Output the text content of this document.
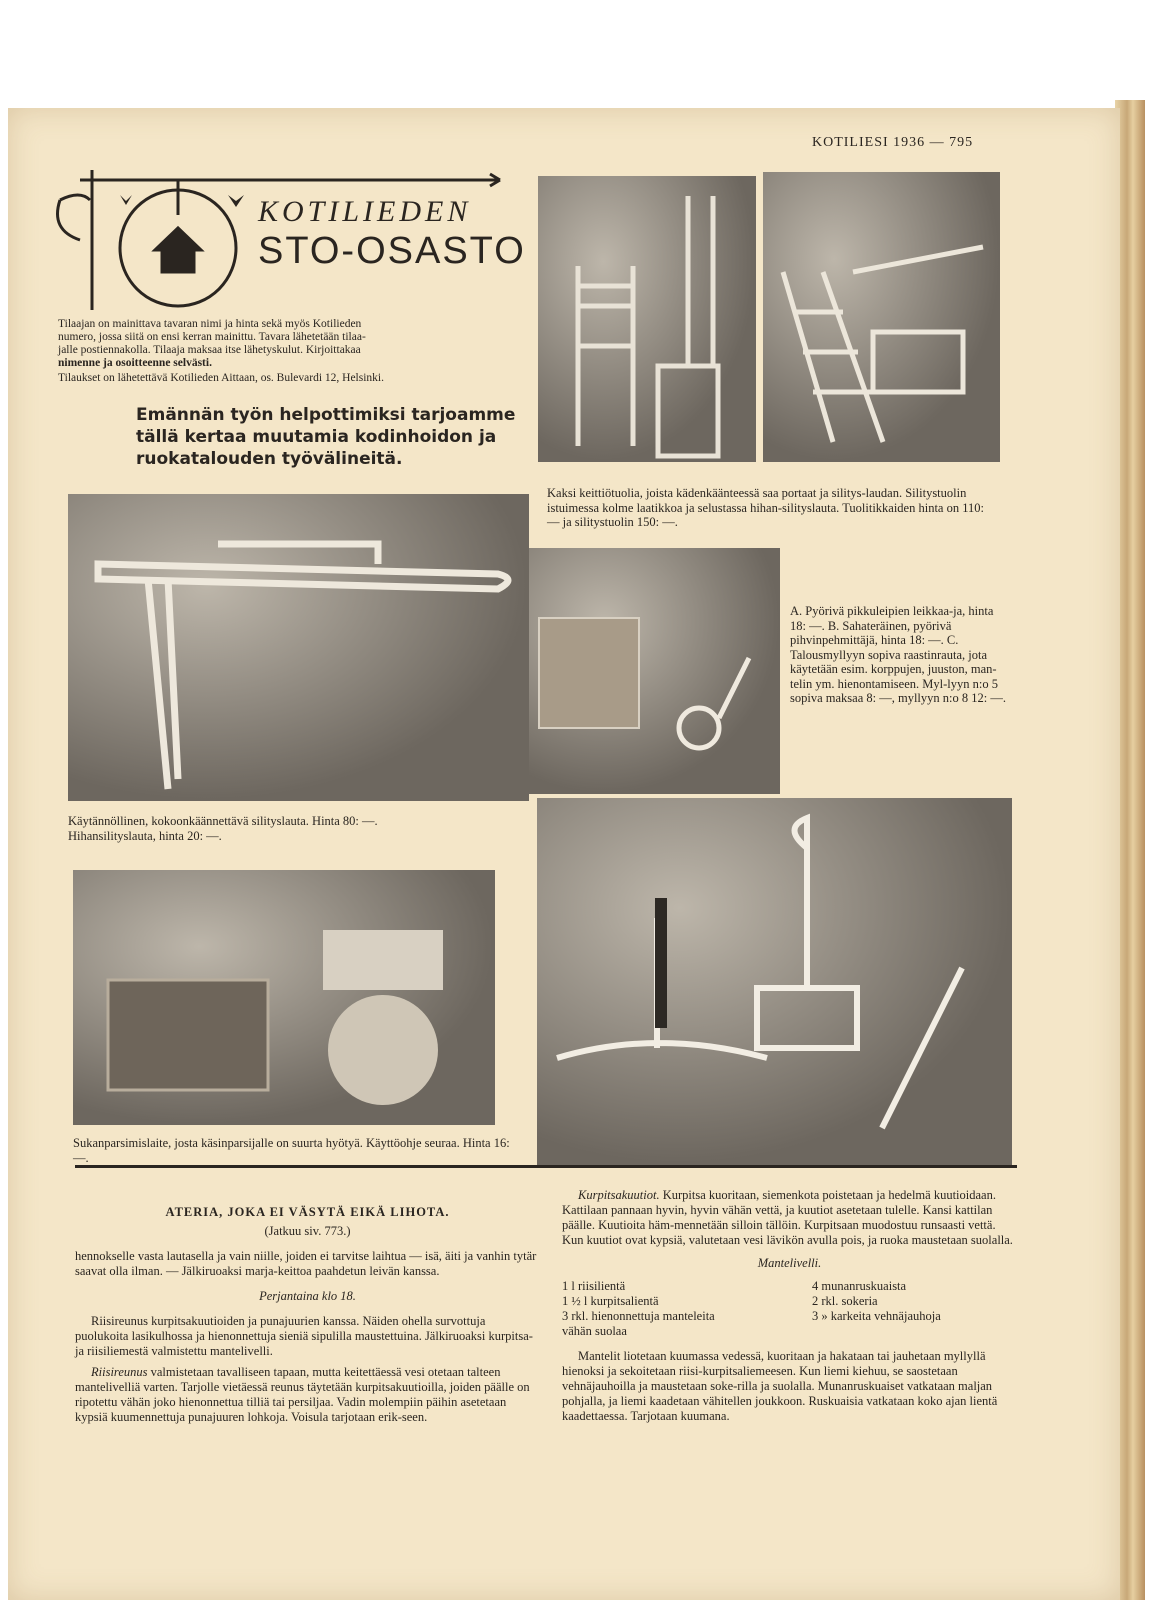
KOTILIESI 1936 — 795
KOTILIEDEN
STO-OSASTO
Tilaajan on mainittava tavaran nimi ja hinta sekä myös Kotilieden
numero, jossa siitä on ensi kerran mainittu. Tavara lähetetään tilaa-
jalle postiennakolla. Tilaaja maksaa itse lähetyskulut. Kirjoittakaa
nimenne ja osoitteenne selvästi.
Tilaukset on lähetettävä Kotilieden Aittaan, os. Bulevardi 12, Helsinki.
Emännän työn helpottimiksi tarjoamme tällä kertaa muutamia kodinhoidon ja ruokatalouden työvälineitä.
Kaksi keittiötuolia, joista kädenkäänteessä saa portaat ja silitys-laudan. Silitystuolin istuimessa kolme laatikkoa ja selustassa hihan-silityslauta. Tuolitikkaiden hinta on 110: — ja silitystuolin 150: —.
A. Pyörivä pikkuleipien leikkaa-ja, hinta 18: —. B. Sahateräinen, pyörivä pihvinpehmittäjä, hinta 18: —. C. Talousmyllyyn sopiva raastinrauta, jota käytetään esim. korppujen, juuston, man-telin ym. hienontamiseen. Myl-lyyn n:o 5 sopiva maksaa 8: —, myllyyn n:o 8 12: —.
Käytännöllinen, kokoonkäännettävä silityslauta. Hinta 80: —. Hihansilityslauta, hinta 20: —.
Sukanparsimislaite, josta käsinparsijalle on suurta hyötyä. Käyttöohje seuraa. Hinta 16: —.

ATERIA, JOKA EI VÄSYTÄ EIKÄ LIHOTA.

(Jatkuu siv. 773.)

hennokselle vasta lautasella ja vain niille, joiden ei tarvitse laihtua — isä, äiti ja vanhin tytär saavat olla ilman. — Jälkiruoaksi marja-keittoa paahdetun leivän kanssa.

Perjantaina klo 18.

Riisireunus kurpitsakuutioiden ja punajuurien kanssa. Näiden ohella survottuja puolukoita lasikulhossa ja hienonnettuja sieniä sipulilla maustettuina. Jälkiruoaksi kurpitsa- ja riisiliemestä valmistettu mantelivelli.

Riisireunus valmistetaan tavalliseen tapaan, mutta keitettäessä vesi otetaan talteen mantelivelliä varten. Tarjolle vietäessä reunus täytetään kurpitsakuutioilla, joiden päälle on ripotettu vähän joko hienonnettua tilliä tai persiljaa. Vadin molempiin päihin asetetaan kypsiä kuumennettuja punajuuren lohkoja. Voisula tarjotaan erik-seen.

Kurpitsakuutiot. Kurpitsa kuoritaan, siemenkota poistetaan ja hedelmä kuutioidaan. Kattilaan pannaan hyvin, hyvin vähän vettä, ja kuutiot asetetaan tulelle. Kansi kattilan päälle. Kuutioita häm-mennetään silloin tällöin. Kurpitsaan muodostuu runsaasti vettä. Kun kuutiot ovat kypsiä, valutetaan vesi lävikön avulla pois, ja ruoka maustetaan suolalla.

Mantelivelli.

1 l riisilientä	4 munanruskuaista
1 ½ l kurpitsalientä	2 rkl. sokeria
3 rkl. hienonnettuja manteleita	3 » karkeita vehnäjauhoja
vähän suolaa

Mantelit liotetaan kuumassa vedessä, kuoritaan ja hakataan tai jauhetaan myllyllä hienoksi ja sekoitetaan riisi-kurpitsaliemeesen. Kun liemi kiehuu, se saostetaan vehnäjauhoilla ja maustetaan soke-rilla ja suolalla. Munanruskuaiset vatkataan maljan pohjalla, ja liemi kaadetaan vähitellen joukkoon. Ruskuaisia vatkataan koko ajan lientä kaadettaessa. Tarjotaan kuumana.
